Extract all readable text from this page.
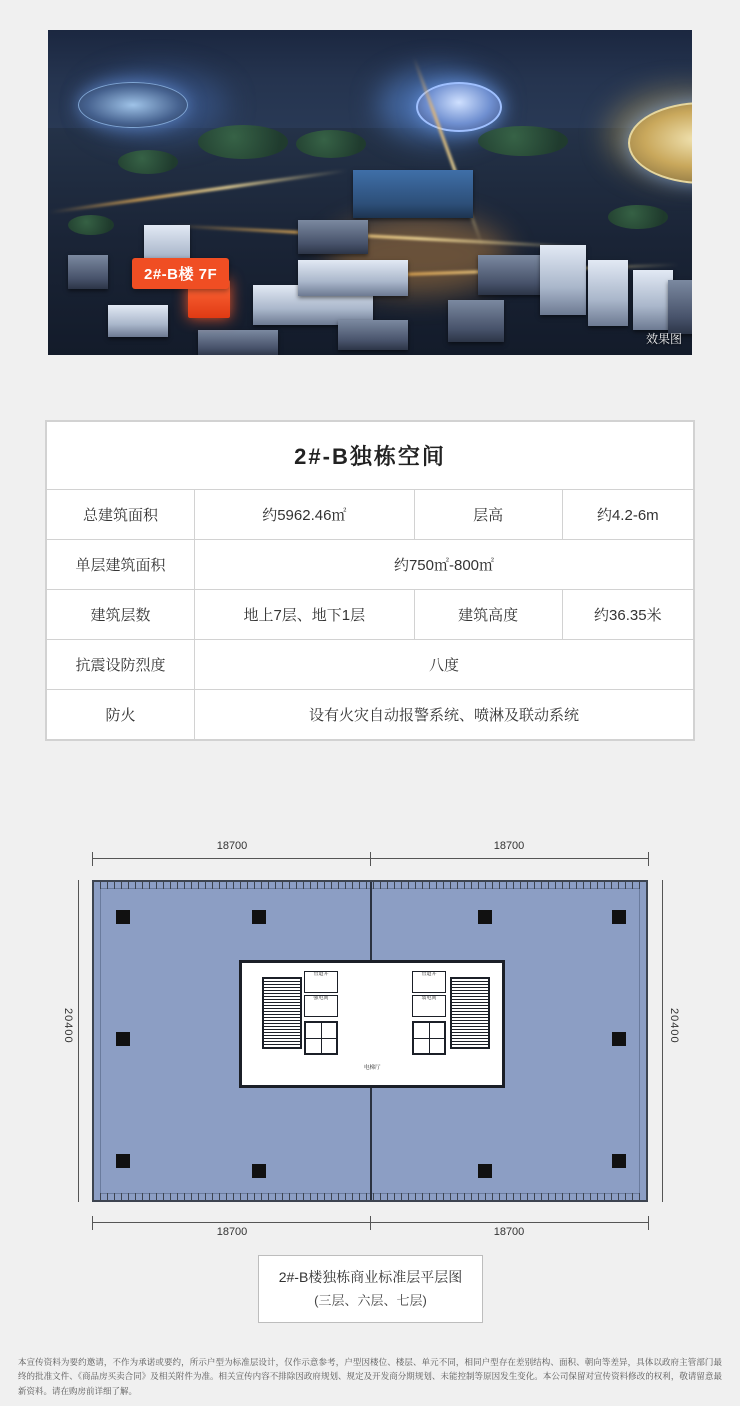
2#-B楼 7F
效果图
2#-B独栋空间			
总建筑面积	约5962.46㎡	层高	约4.2-6m
单层建筑面积	约750㎡-800㎡		
建筑层数	地上7层、地下1层	建筑高度	约36.35米
抗震设防烈度	八度		
防火	设有火灾自动报警系统、喷淋及联动系统		
18700	18700
18700	18700
20400	20400
管道井
强电间
管道井
弱电间
电梯厅
2#-B楼独栋商业标准层平层图
(三层、六层、七层)
本宣传资料为要约邀请，不作为承诺或要约，所示户型为标准层设计，仅作示意参考，户型因楼位、楼层、单元不同，相同户型存在差别结构、面积、朝向等差异，具体以政府主管部门最终的批准文件、《商品房买卖合同》及相关附件为准。相关宣传内容不排除因政府规划、规定及开发商分期规划、未能控制等原因发生变化。本公司保留对宣传资料修改的权利，敬请留意最新资料。请在购房前详细了解。
